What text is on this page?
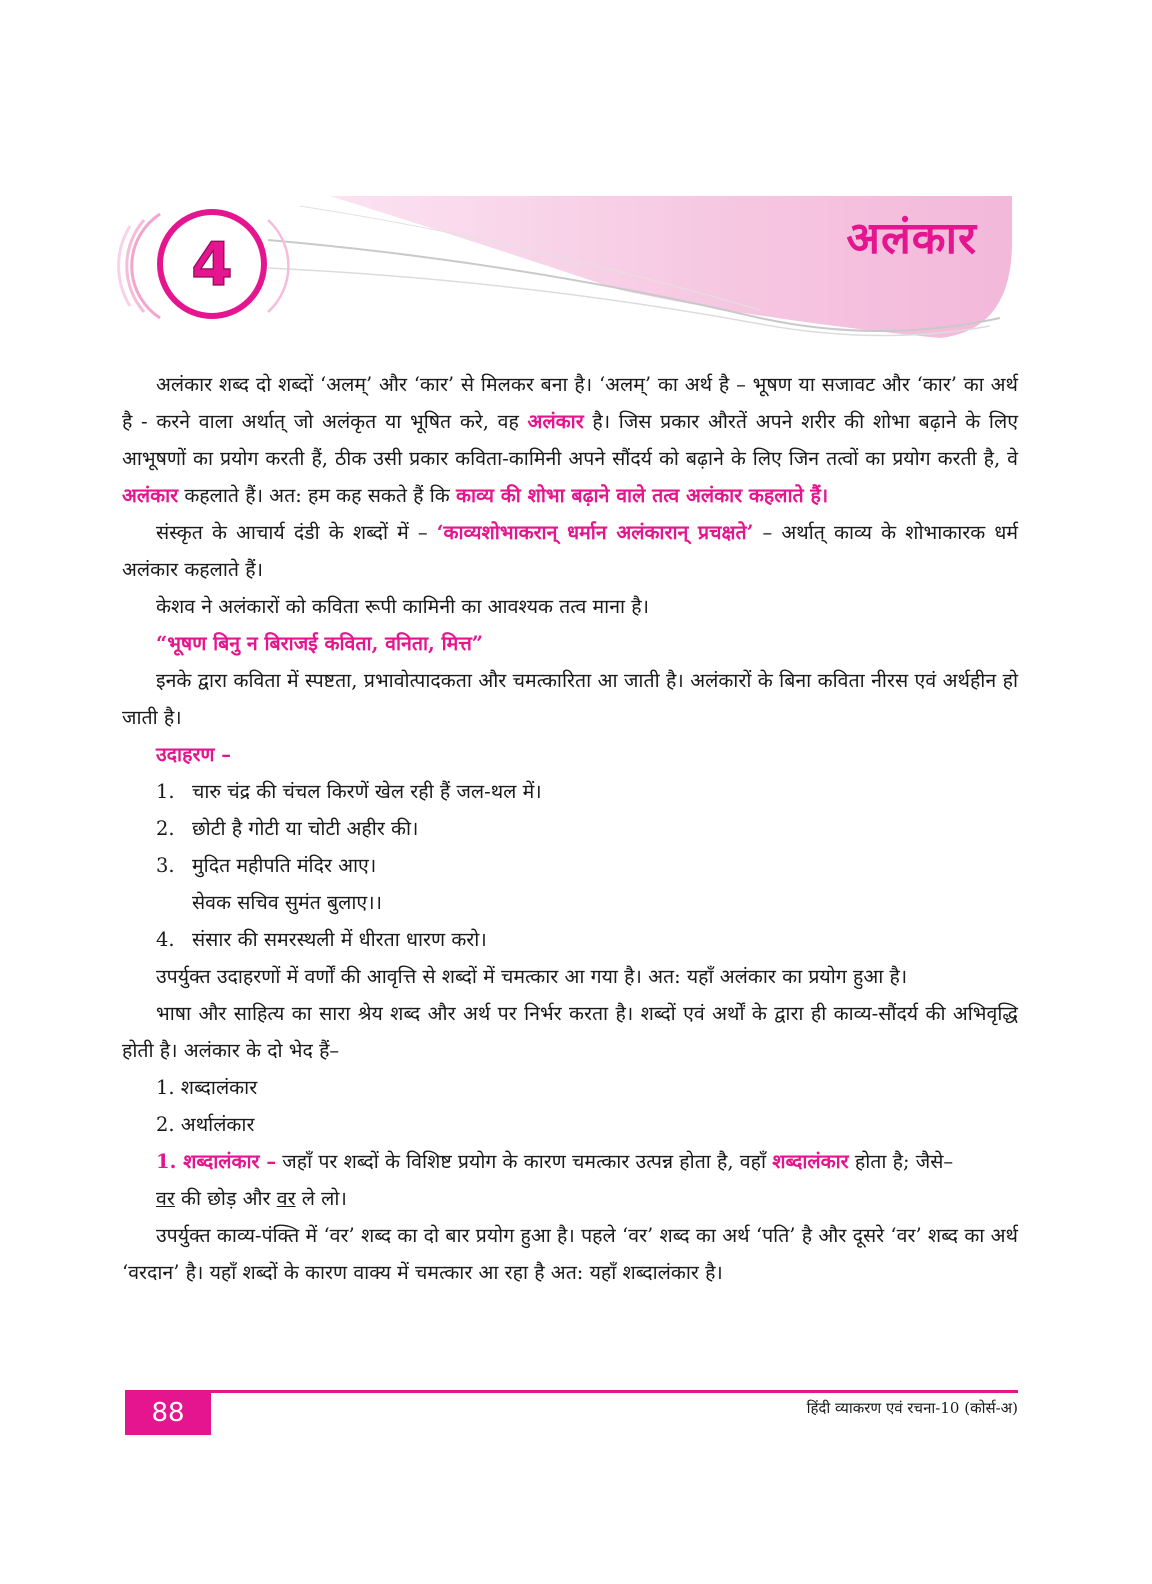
4	अलंकार

अलंकार शब्द दो शब्दों ‘अलम्’ और ‘कार’ से मिलकर बना है। ‘अलम्’ का अर्थ है – भूषण या सजावट और ‘कार’ का अर्थ है - करने वाला अर्थात् जो अलंकृत या भूषित करे, वह अलंकार है। जिस प्रकार औरतें अपने शरीर की शोभा बढ़ाने के लिए आभूषणों का प्रयोग करती हैं, ठीक उसी प्रकार कविता-कामिनी अपने सौंदर्य को बढ़ाने के लिए जिन तत्वों का प्रयोग करती है, वे अलंकार कहलाते हैं। अत: हम कह सकते हैं कि काव्य की शोभा बढ़ाने वाले तत्व अलंकार कहलाते हैं।

संस्कृत के आचार्य दंडी के शब्दों में – ‘काव्यशोभाकरान् धर्मान अलंकारान् प्रचक्षते’ – अर्थात् काव्य के शोभाकारक धर्म अलंकार कहलाते हैं।

केशव ने अलंकारों को कविता रूपी कामिनी का आवश्यक तत्व माना है।

“भूषण बिनु न बिराजई कविता, वनिता, मित्त”

इनके द्वारा कविता में स्पष्टता, प्रभावोत्पादकता और चमत्कारिता आ जाती है। अलंकारों के बिना कविता नीरस एवं अर्थहीन हो जाती है।

उदाहरण –

1. चारु चंद्र की चंचल किरणें खेल रही हैं जल-थल में।
2. छोटी है गोटी या चोटी अहीर की।
3. मुदित महीपति मंदिर आए।

सेवक सचिव सुमंत बुलाए।।

4. संसार की समरस्थली में धीरता धारण करो।

उपर्युक्त उदाहरणों में वर्णों की आवृत्ति से शब्दों में चमत्कार आ गया है। अत: यहाँ अलंकार का प्रयोग हुआ है।

भाषा और साहित्य का सारा श्रेय शब्द और अर्थ पर निर्भर करता है। शब्दों एवं अर्थों के द्वारा ही काव्य-सौंदर्य की अभिवृद्धि होती है। अलंकार के दो भेद हैं–

1. शब्दालंकार

2. अर्थालंकार

1. शब्दालंकार – जहाँ पर शब्दों के विशिष्ट प्रयोग के कारण चमत्कार उत्पन्न होता है, वहाँ शब्दालंकार होता है; जैसे–

वर की छोड़ और वर ले लो।

उपर्युक्त काव्य-पंक्ति में ‘वर’ शब्द का दो बार प्रयोग हुआ है। पहले ‘वर’ शब्द का अर्थ ‘पति’ है और दूसरे ‘वर’ शब्द का अर्थ ‘वरदान’ है। यहाँ शब्दों के कारण वाक्य में चमत्कार आ रहा है अत: यहाँ शब्दालंकार है।

88	हिंदी व्याकरण एवं रचना-10 (कोर्स-अ)
